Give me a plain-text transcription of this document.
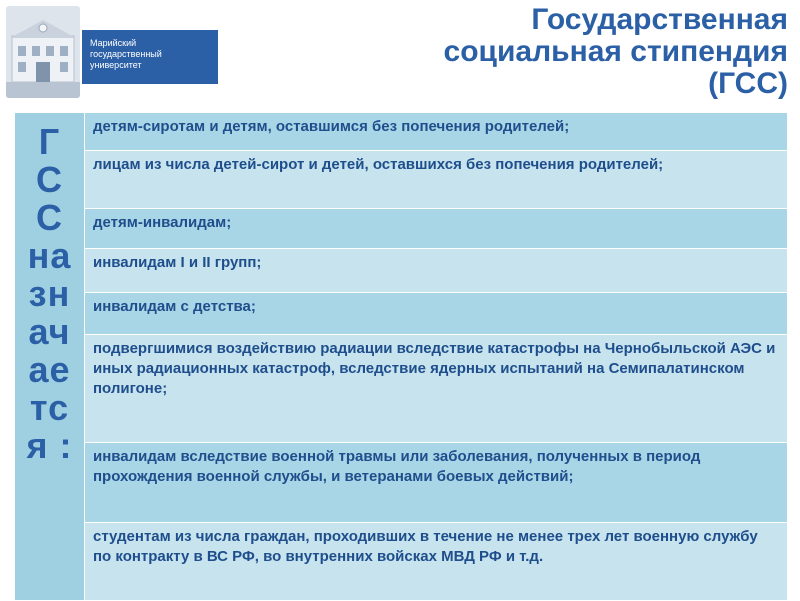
Марийский
государственный
университет
Государственная
социальная стипендия
(ГСС)
Г
С
С
на
зн
ач
ае
тс
я :
	детям-сиротам и детям, оставшимся без попечения родителей;
лицам из числа детей-сирот и детей, оставшихся без попечения родителей;
детям-инвалидам;
инвалидам I и II групп;
инвалидам с детства;
подвергшимися воздействию радиации вследствие катастрофы на Чернобыльской АЭС и иных радиационных катастроф, вследствие ядерных испытаний на Семипалатинском полигоне;
инвалидам вследствие военной травмы или заболевания, полученных в период прохождения военной службы, и ветеранами боевых действий;
студентам из числа граждан, проходивших в течение не менее трех лет военную службу по контракту в ВС РФ, во внутренних войсках МВД РФ и т.д.
